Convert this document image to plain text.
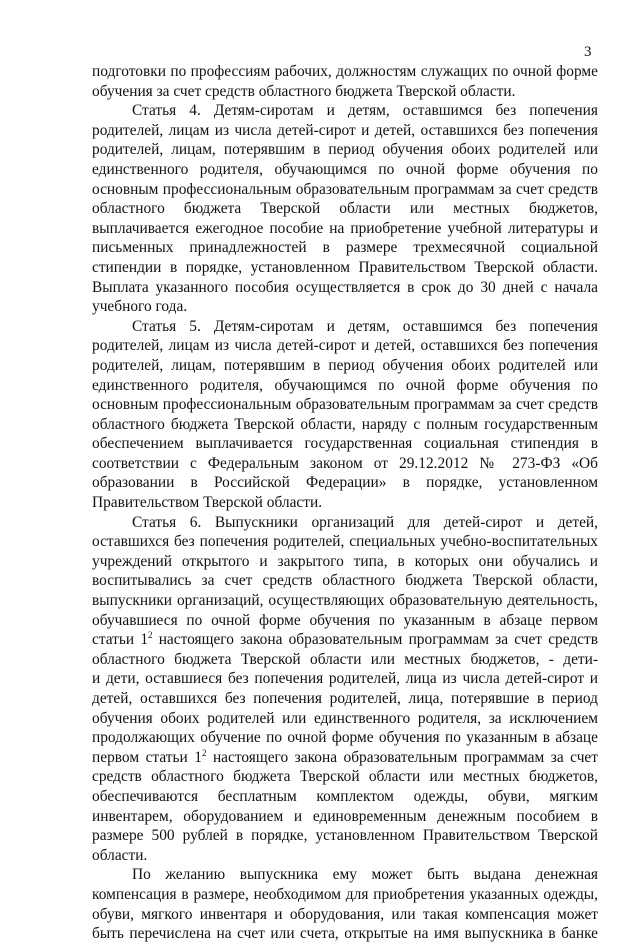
3
подготовки по профессиям рабочих, должностям служащих по очной форме
обучения за счет средств областного бюджета Тверской области.
Статья 4. Детям-сиротам и детям, оставшимся без попечения
родителей, лицам из числа детей-сирот и детей, оставшихся без попечения
родителей, лицам, потерявшим в период обучения обоих родителей или
единственного родителя, обучающимся по очной форме обучения по
основным профессиональным образовательным программам за счет средств
областного бюджета Тверской области или местных бюджетов,
выплачивается ежегодное пособие на приобретение учебной литературы и
письменных принадлежностей в размере трехмесячной социальной
стипендии в порядке, установленном Правительством Тверской области.
Выплата указанного пособия осуществляется в срок до 30 дней с начала
учебного года.
Статья 5. Детям-сиротам и детям, оставшимся без попечения
родителей, лицам из числа детей-сирот и детей, оставшихся без попечения
родителей, лицам, потерявшим в период обучения обоих родителей или
единственного родителя, обучающимся по очной форме обучения по
основным профессиональным образовательным программам за счет средств
областного бюджета Тверской области, наряду с полным государственным
обеспечением выплачивается государственная социальная стипендия в
соответствии с Федеральным законом от 29.12.2012 № 273-ФЗ «Об
образовании в Российской Федерации» в порядке, установленном
Правительством Тверской области.
Статья 6. Выпускники организаций для детей-сирот и детей,
оставшихся без попечения родителей, специальных учебно-воспитательных
учреждений открытого и закрытого типа, в которых они обучались и
воспитывались за счет средств областного бюджета Тверской области,
выпускники организаций, осуществляющих образовательную деятельность,
обучавшиеся по очной форме обучения по указанным в абзаце первом
статьи $1^2$ настоящего закона образовательным программам за счет средств
областного бюджета Тверской области или местных бюджетов, - дети-
и дети, оставшиеся без попечения родителей, лица из числа детей-сирот и
детей, оставшихся без попечения родителей, лица, потерявшие в период
обучения обоих родителей или единственного родителя, за исключением
продолжающих обучение по очной форме обучения по указанным в абзаце
первом статьи $1^2$ настоящего закона образовательным программам за счет
средств областного бюджета Тверской области или местных бюджетов,
обеспечиваются бесплатным комплектом одежды, обуви, мягким
инвентарем, оборудованием и единовременным денежным пособием в
размере 500 рублей в порядке, установленном Правительством Тверской
области.
По желанию выпускника ему может быть выдана денежная
компенсация в размере, необходимом для приобретения указанных одежды,
обуви, мягкого инвентаря и оборудования, или такая компенсация может
быть перечислена на счет или счета, открытые на имя выпускника в банке
